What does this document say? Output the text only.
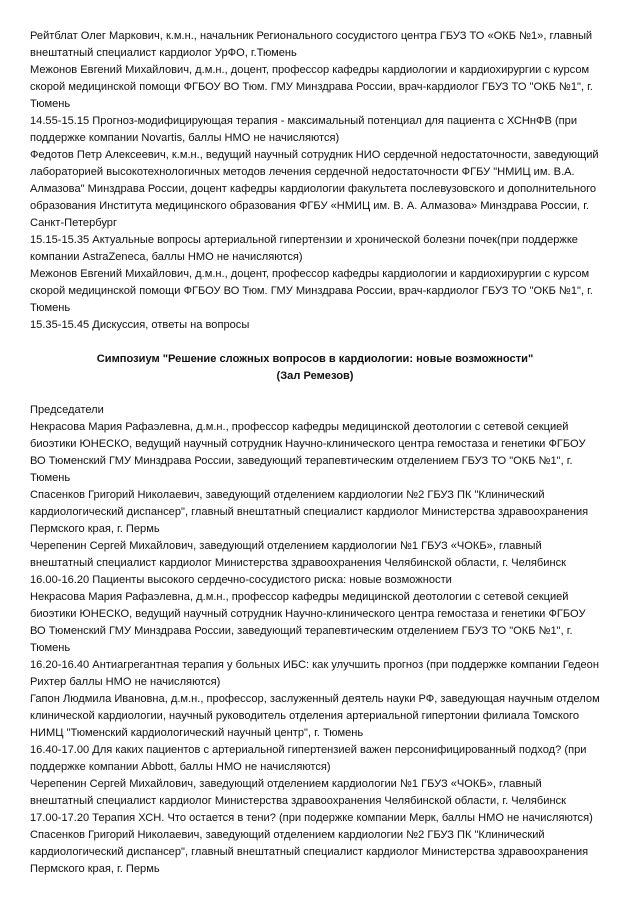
Рейтблат Олег Маркович, к.м.н., начальник Регионального сосудистого центра ГБУЗ ТО «ОКБ №1», главный внештатный специалист кардиолог УрФО, г.Тюмень

Межонов Евгений Михайлович, д.м.н., доцент, профессор кафедры кардиологии и кардиохирургии с курсом скорой медицинской помощи ФГБОУ ВО Тюм. ГМУ Минздрава России, врач-кардиолог ГБУЗ ТО "ОКБ №1", г. Тюмень

14.55-15.15 Прогноз-модифицирующая терапия - максимальный потенциал для пациента с ХСНнФВ (при поддержке компании Novartis, баллы НМО не начисляются)

Федотов Петр Алексеевич, к.м.н., ведущий научный сотрудник НИО сердечной недостаточности, заведующий лабораторией высокотехнологичных методов лечения сердечной недостаточности ФГБУ "НМИЦ им. В.А. Алмазова" Минздрава России, доцент кафедры кардиологии факультета послевузовского и дополнительного образования Института медицинского образования ФГБУ «НМИЦ им. В. А. Алмазова» Минздрава России, г. Санкт-Петербург

15.15-15.35 Актуальные вопросы артериальной гипертензии и хронической болезни почек(при поддержке компании AstraZeneca, баллы НМО не начисляются)

Межонов Евгений Михайлович, д.м.н., доцент, профессор кафедры кардиологии и кардиохирургии с курсом скорой медицинской помощи ФГБОУ ВО Тюм. ГМУ Минздрава России, врач-кардиолог ГБУЗ ТО "ОКБ №1", г. Тюмень

15.35-15.45 Дискуссия, ответы на вопросы

Симпозиум "Решение сложных вопросов в кардиологии: новые возможности"

(Зал Ремезов)

Председатели

Некрасова Мария Рафаэлевна, д.м.н., профессор кафедры медицинской деотологии с сетевой секцией биоэтики ЮНЕСКО, ведущий научный сотрудник Научно-клинического центра гемостаза и генетики ФГБОУ ВО Тюменский ГМУ Минздрава России, заведующий терапевтическим отделением ГБУЗ ТО "ОКБ №1", г. Тюмень

Спасенков Григорий Николаевич, заведующий отделением кардиологии №2 ГБУЗ ПК "Клинический кардиологический диспансер", главный внештатный специалист кардиолог Министерства здравоохранения Пермского края, г. Пермь

Черепенин Сергей Михайлович, заведующий отделением кардиологии №1 ГБУЗ «ЧОКБ», главный внештатный специалист кардиолог Министерства здравоохранения Челябинской области, г. Челябинск

16.00-16.20 Пациенты высокого сердечно-сосудистого риска: новые возможности

Некрасова Мария Рафаэлевна, д.м.н., профессор кафедры медицинской деотологии с сетевой секцией биоэтики ЮНЕСКО, ведущий научный сотрудник Научно-клинического центра гемостаза и генетики ФГБОУ ВО Тюменский ГМУ Минздрава России, заведующий терапевтическим отделением ГБУЗ ТО "ОКБ №1", г. Тюмень

16.20-16.40 Антиагрегантная терапия у больных ИБС: как улучшить прогноз (при поддержке компании Гедеон Рихтер баллы НМО не начисляются)

Гапон Людмила Ивановна, д.м.н., профессор, заслуженный деятель науки РФ, заведующая научным отделом клинической кардиологии, научный руководитель отделения артериальной гипертонии филиала Томского НИМЦ "Тюменский кардиологический научный центр", г. Тюмень

16.40-17.00 Для каких пациентов с артериальной гипертензией важен персонифицированный подход? (при поддержке компании Abbott, баллы НМО не начисляются)

Черепенин Сергей Михайлович, заведующий отделением кардиологии №1 ГБУЗ «ЧОКБ», главный внештатный специалист кардиолог Министерства здравоохранения Челябинской области, г. Челябинск

17.00-17.20 Терапия ХСН. Что остается в тени? (при подержке компании Мерк, баллы НМО не начисляются)

Спасенков Григорий Николаевич, заведующий отделением кардиологии №2 ГБУЗ ПК "Клинический кардиологический диспансер", главный внештатный специалист кардиолог Министерства здравоохранения Пермского края, г. Пермь
